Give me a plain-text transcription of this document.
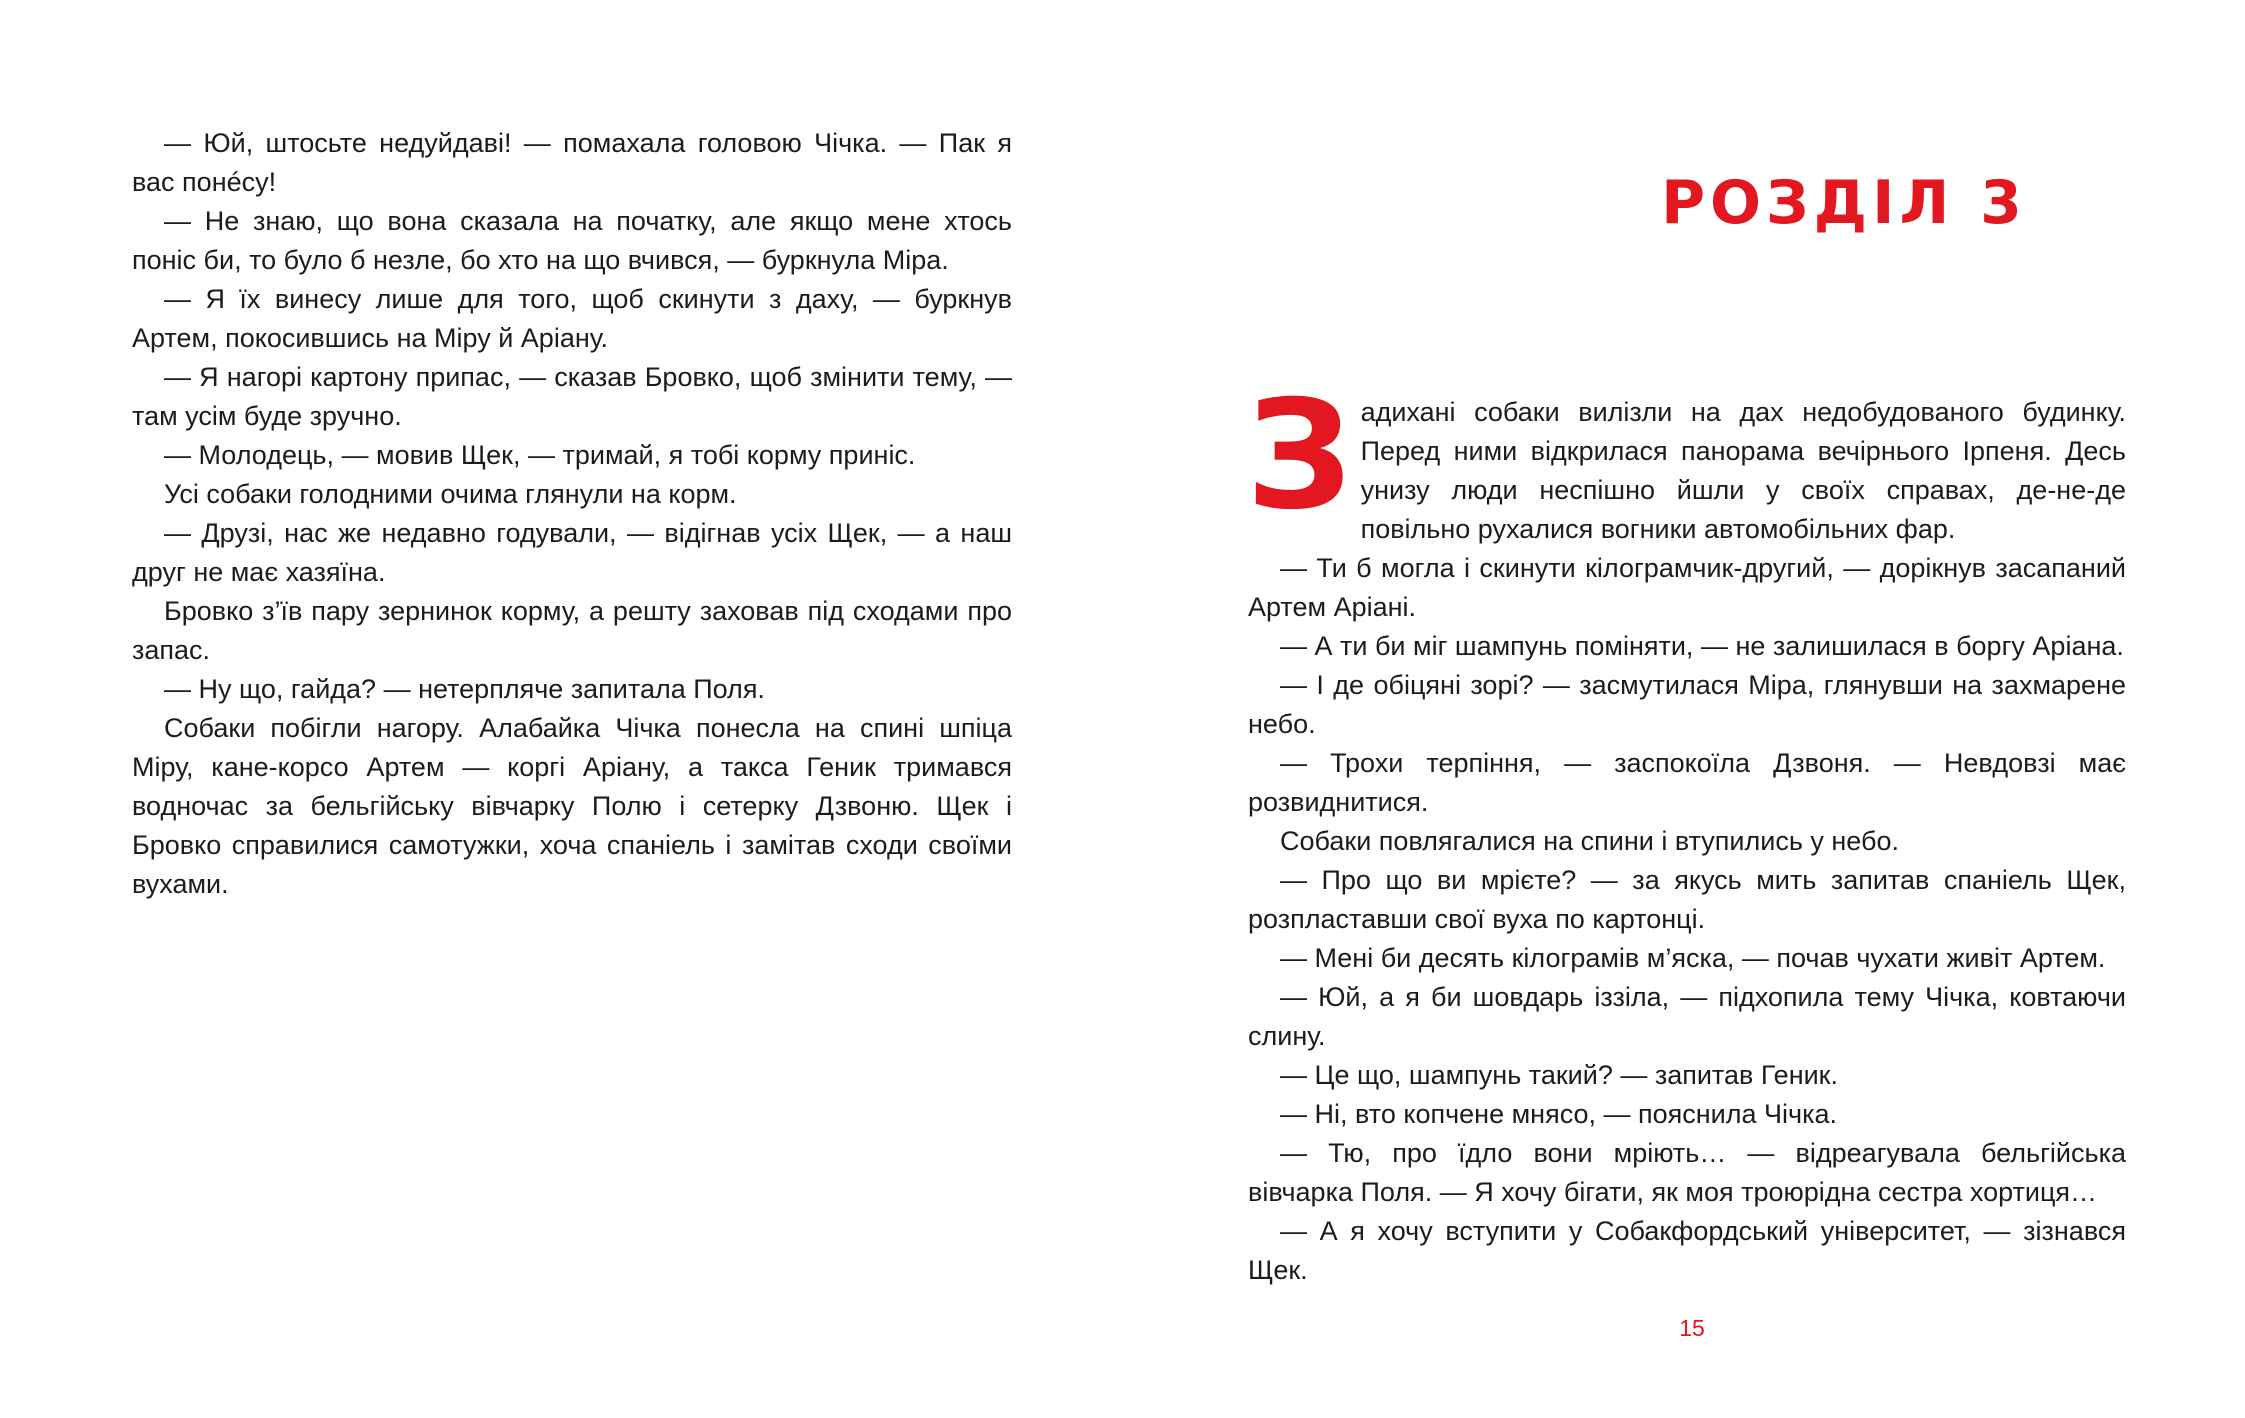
— Юй, штосьте недуйдаві! — помахала головою Чічка. — Пак я вас понéсу!

— Не знаю, що вона сказала на початку, але якщо мене хтось поніс би, то було б незле, бо хто на що вчився, — буркнула Міра.

— Я їх винесу лише для того, щоб скинути з даху, — буркнув Артем, покосившись на Міру й Аріану.

— Я нагорі картону припас, — сказав Бровко, щоб змінити тему, — там усім буде зручно.

— Молодець, — мовив Щек, — тримай, я тобі корму приніс.

Усі собаки голодними очима глянули на корм.

— Друзі, нас же недавно годували, — відігнав усіх Щек, — а наш друг не має хазяїна.

Бровко з’їв пару зернинок корму, а решту заховав під сходами про запас.

— Ну що, гайда? — нетерпляче запитала Поля.

Собаки побігли нагору. Алабайка Чічка понесла на спині шпіца Міру, кане-корсо Артем — коргі Аріану, а такса Геник тримався водночас за бельгійську вівчарку Полю і сетерку Дзвоню. Щек і Бровко справилися самотужки, хоча спаніель і замітав сходи своїми вухами.

РОЗДІЛ 3

Задихані собаки вилізли на дах недобудованого будинку. Перед ними відкрилася панорама вечірнього Ірпеня. Десь унизу люди неспішно йшли у своїх справах, де-не-де повільно рухалися вогники автомобільних фар.

— Ти б могла і скинути кілограмчик-другий, — дорікнув засапаний Артем Аріані.

— А ти би міг шампунь поміняти, — не залишилася в боргу Аріана.

— І де обіцяні зорі? — засмутилася Міра, глянувши на захмарене небо.

— Трохи терпіння, — заспокоїла Дзвоня. — Невдовзі має розвиднитися.

Собаки повлягалися на спини і втупились у небо.

— Про що ви мрієте? — за якусь мить запитав спаніель Щек, розпластавши свої вуха по картонці.

— Мені би десять кілограмів м’яска, — почав чухати живіт Артем.

— Юй, а я би шовдарь іззіла, — підхопила тему Чічка, ковтаючи слину.

— Це що, шампунь такий? — запитав Геник.

— Ні, вто копчене мнясо, — пояснила Чічка.

— Тю, про їдло вони мріють… — відреагувала бельгійська вівчарка Поля. — Я хочу бігати, як моя троюрідна сестра хортиця…

— А я хочу вступити у Собакфордський університет, — зізнався Щек.

15
